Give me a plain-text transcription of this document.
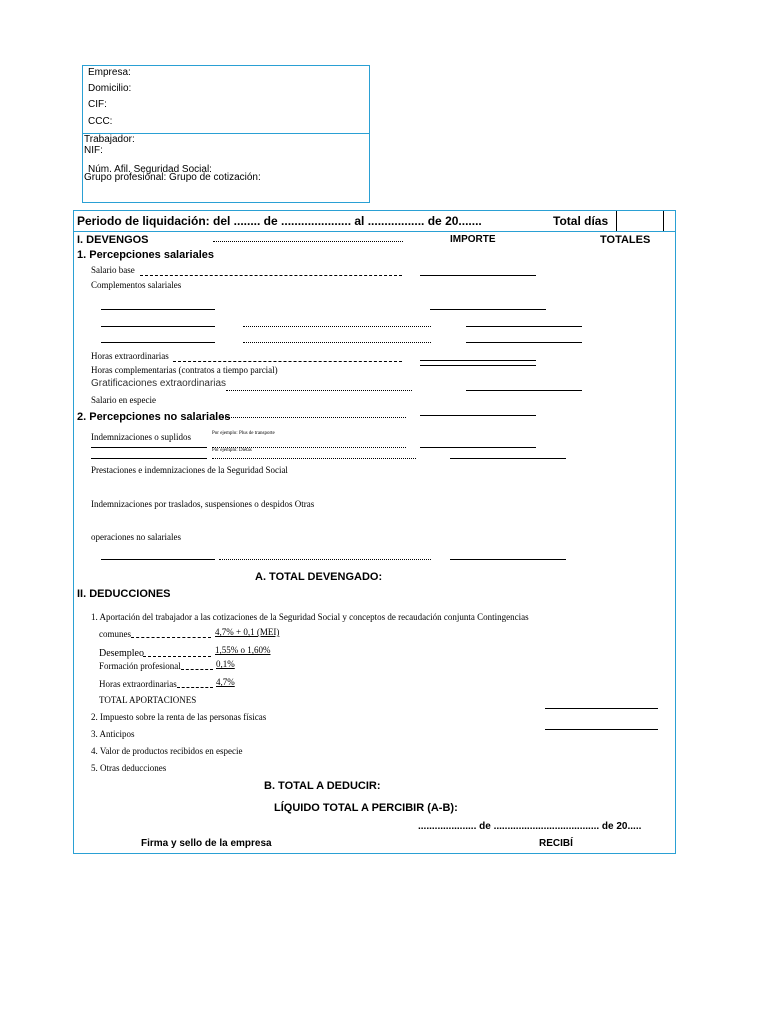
Empresa:
Domicilio:
CIF:
CCC:
Trabajador:
NIF:
Núm. Afil. Seguridad Social:
Grupo profesional: Grupo de cotización:
Periodo de liquidación: del ........ de ..................... al ................. de 20.......	Total días
I. DEVENGOS	IMPORTE	TOTALES
1. Percepciones salariales
Salario base
Complementos salariales
Horas extraordinarias
Horas complementarias (contratos a tiempo parcial)
Gratificaciones extraordinarias
Salario en especie
2. Percepciones no salariales
Indemnizaciones o suplidos	Por ejemplo: Plus de transporte
Por ejemplo: Dietas
Prestaciones e indemnizaciones de la Seguridad Social
Indemnizaciones por traslados, suspensiones o despidos Otras
operaciones no salariales
A. TOTAL DEVENGADO:
II. DEDUCCIONES
1. Aportación del trabajador a las cotizaciones de la Seguridad Social y conceptos de recaudación conjunta Contingencias
comunes	4,7% + 0,1 (MEI)
Desempleo	1,55% o 1,60%
Formación profesional	0,1%
Horas extraordinarias	4,7%
TOTAL APORTACIONES
2. Impuesto sobre la renta de las personas físicas
3. Anticipos
4. Valor de productos recibidos en especie
5. Otras deducciones
B. TOTAL A DEDUCIR:
LÍQUIDO TOTAL A PERCIBIR (A-B):
..................... de ...................................... de 20.....
Firma y sello de la empresa	RECIBÍ
